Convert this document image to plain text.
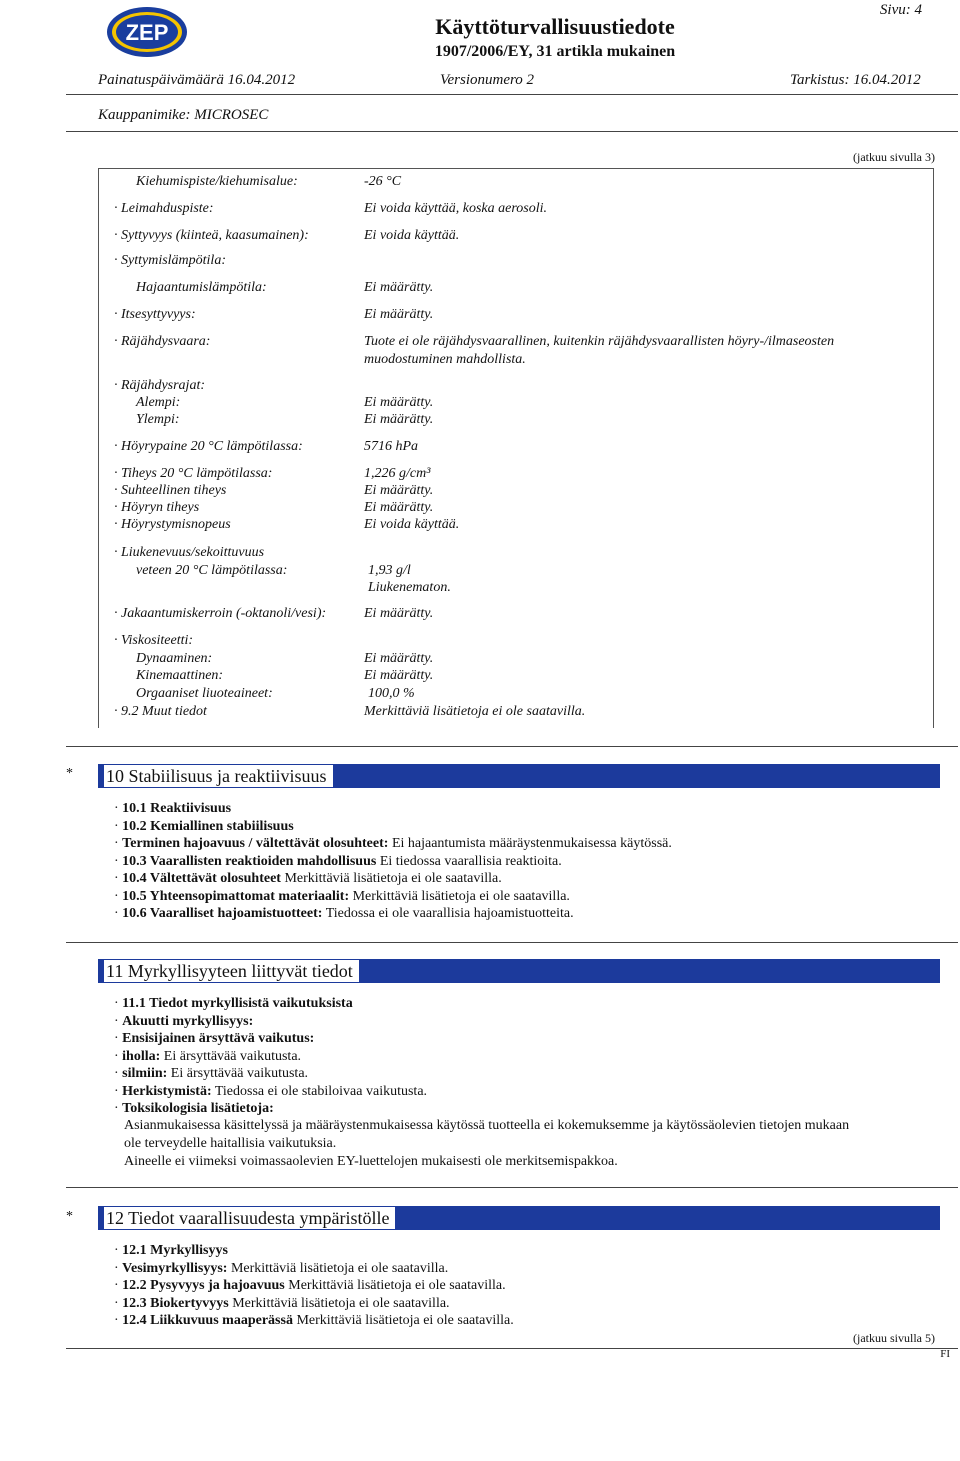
ZEP	Käyttöturvallisuustiedote
1907/2006/EY, 31 artikla mukainen
Sivu: 4
Painatuspäivämäärä 16.04.2012	Versionumero 2	Tarkistus: 16.04.2012
Kauppanimike: MICROSEC
(jatkuu sivulla 3)
Kiehumispiste/kiehumisalue:	-26 °C
· Leimahduspiste:	Ei voida käyttää, koska aerosoli.
· Syttyvyys (kiinteä, kaasumainen):	Ei voida käyttää.
· Syttymislämpötila:
Hajaantumislämpötila:	Ei määrätty.
· Itsesyttyvyys:	Ei määrätty.
· Räjähdysvaara:	Tuote ei ole räjähdysvaarallinen, kuitenkin räjähdysvaarallisten höyry-/ilmaseosten
muodostuminen mahdollista.
· Räjähdysrajat:
Alempi:	Ei määrätty.
Ylempi:	Ei määrätty.
· Höyrypaine 20 °C lämpötilassa:	5716 hPa
· Tiheys 20 °C lämpötilassa:	1,226 g/cm³
· Suhteellinen tiheys	Ei määrätty.
· Höyryn tiheys	Ei määrätty.
· Höyrystymisnopeus	Ei voida käyttää.
· Liukenevuus/sekoittuvuus
veteen 20 °C lämpötilassa:	1,93 g/l
Liukenematon.
· Jakaantumiskerroin (-oktanoli/vesi):	Ei määrätty.
· Viskositeetti:
Dynaaminen:	Ei määrätty.
Kinemaattinen:	Ei määrätty.
Orgaaniset liuoteaineet:	100,0 %
· 9.2 Muut tiedot	Merkittäviä lisätietoja ei ole saatavilla.
*	10 Stabiilisuus ja reaktiivisuus
· 10.1 Reaktiivisuus
· 10.2 Kemiallinen stabiilisuus
· Terminen hajoavuus / vältettävät olosuhteet: Ei hajaantumista määräystenmukaisessa käytössä.
· 10.3 Vaarallisten reaktioiden mahdollisuus Ei tiedossa vaarallisia reaktioita.
· 10.4 Vältettävät olosuhteet Merkittäviä lisätietoja ei ole saatavilla.
· 10.5 Yhteensopimattomat materiaalit: Merkittäviä lisätietoja ei ole saatavilla.
· 10.6 Vaaralliset hajoamistuotteet: Tiedossa ei ole vaarallisia hajoamistuotteita.
11 Myrkyllisyyteen liittyvät tiedot
· 11.1 Tiedot myrkyllisistä vaikutuksista
· Akuutti myrkyllisyys:
· Ensisijainen ärsyttävä vaikutus:
· iholla: Ei ärsyttävää vaikutusta.
· silmiin: Ei ärsyttävää vaikutusta.
· Herkistymistä: Tiedossa ei ole stabiloivaa vaikutusta.
· Toksikologisia lisätietoja:
Asianmukaisessa käsittelyssä ja määräystenmukaisessa käytössä tuotteella ei kokemuksemme ja käytössäolevien tietojen mukaan
ole terveydelle haitallisia vaikutuksia.
Aineelle ei viimeksi voimassaolevien EY-luettelojen mukaisesti ole merkitsemispakkoa.
*	12 Tiedot vaarallisuudesta ympäristölle
· 12.1 Myrkyllisyys
· Vesimyrkyllisyys: Merkittäviä lisätietoja ei ole saatavilla.
· 12.2 Pysyvyys ja hajoavuus Merkittäviä lisätietoja ei ole saatavilla.
· 12.3 Biokertyvyys Merkittäviä lisätietoja ei ole saatavilla.
· 12.4 Liikkuvuus maaperässä Merkittäviä lisätietoja ei ole saatavilla.
(jatkuu sivulla 5)
FI
